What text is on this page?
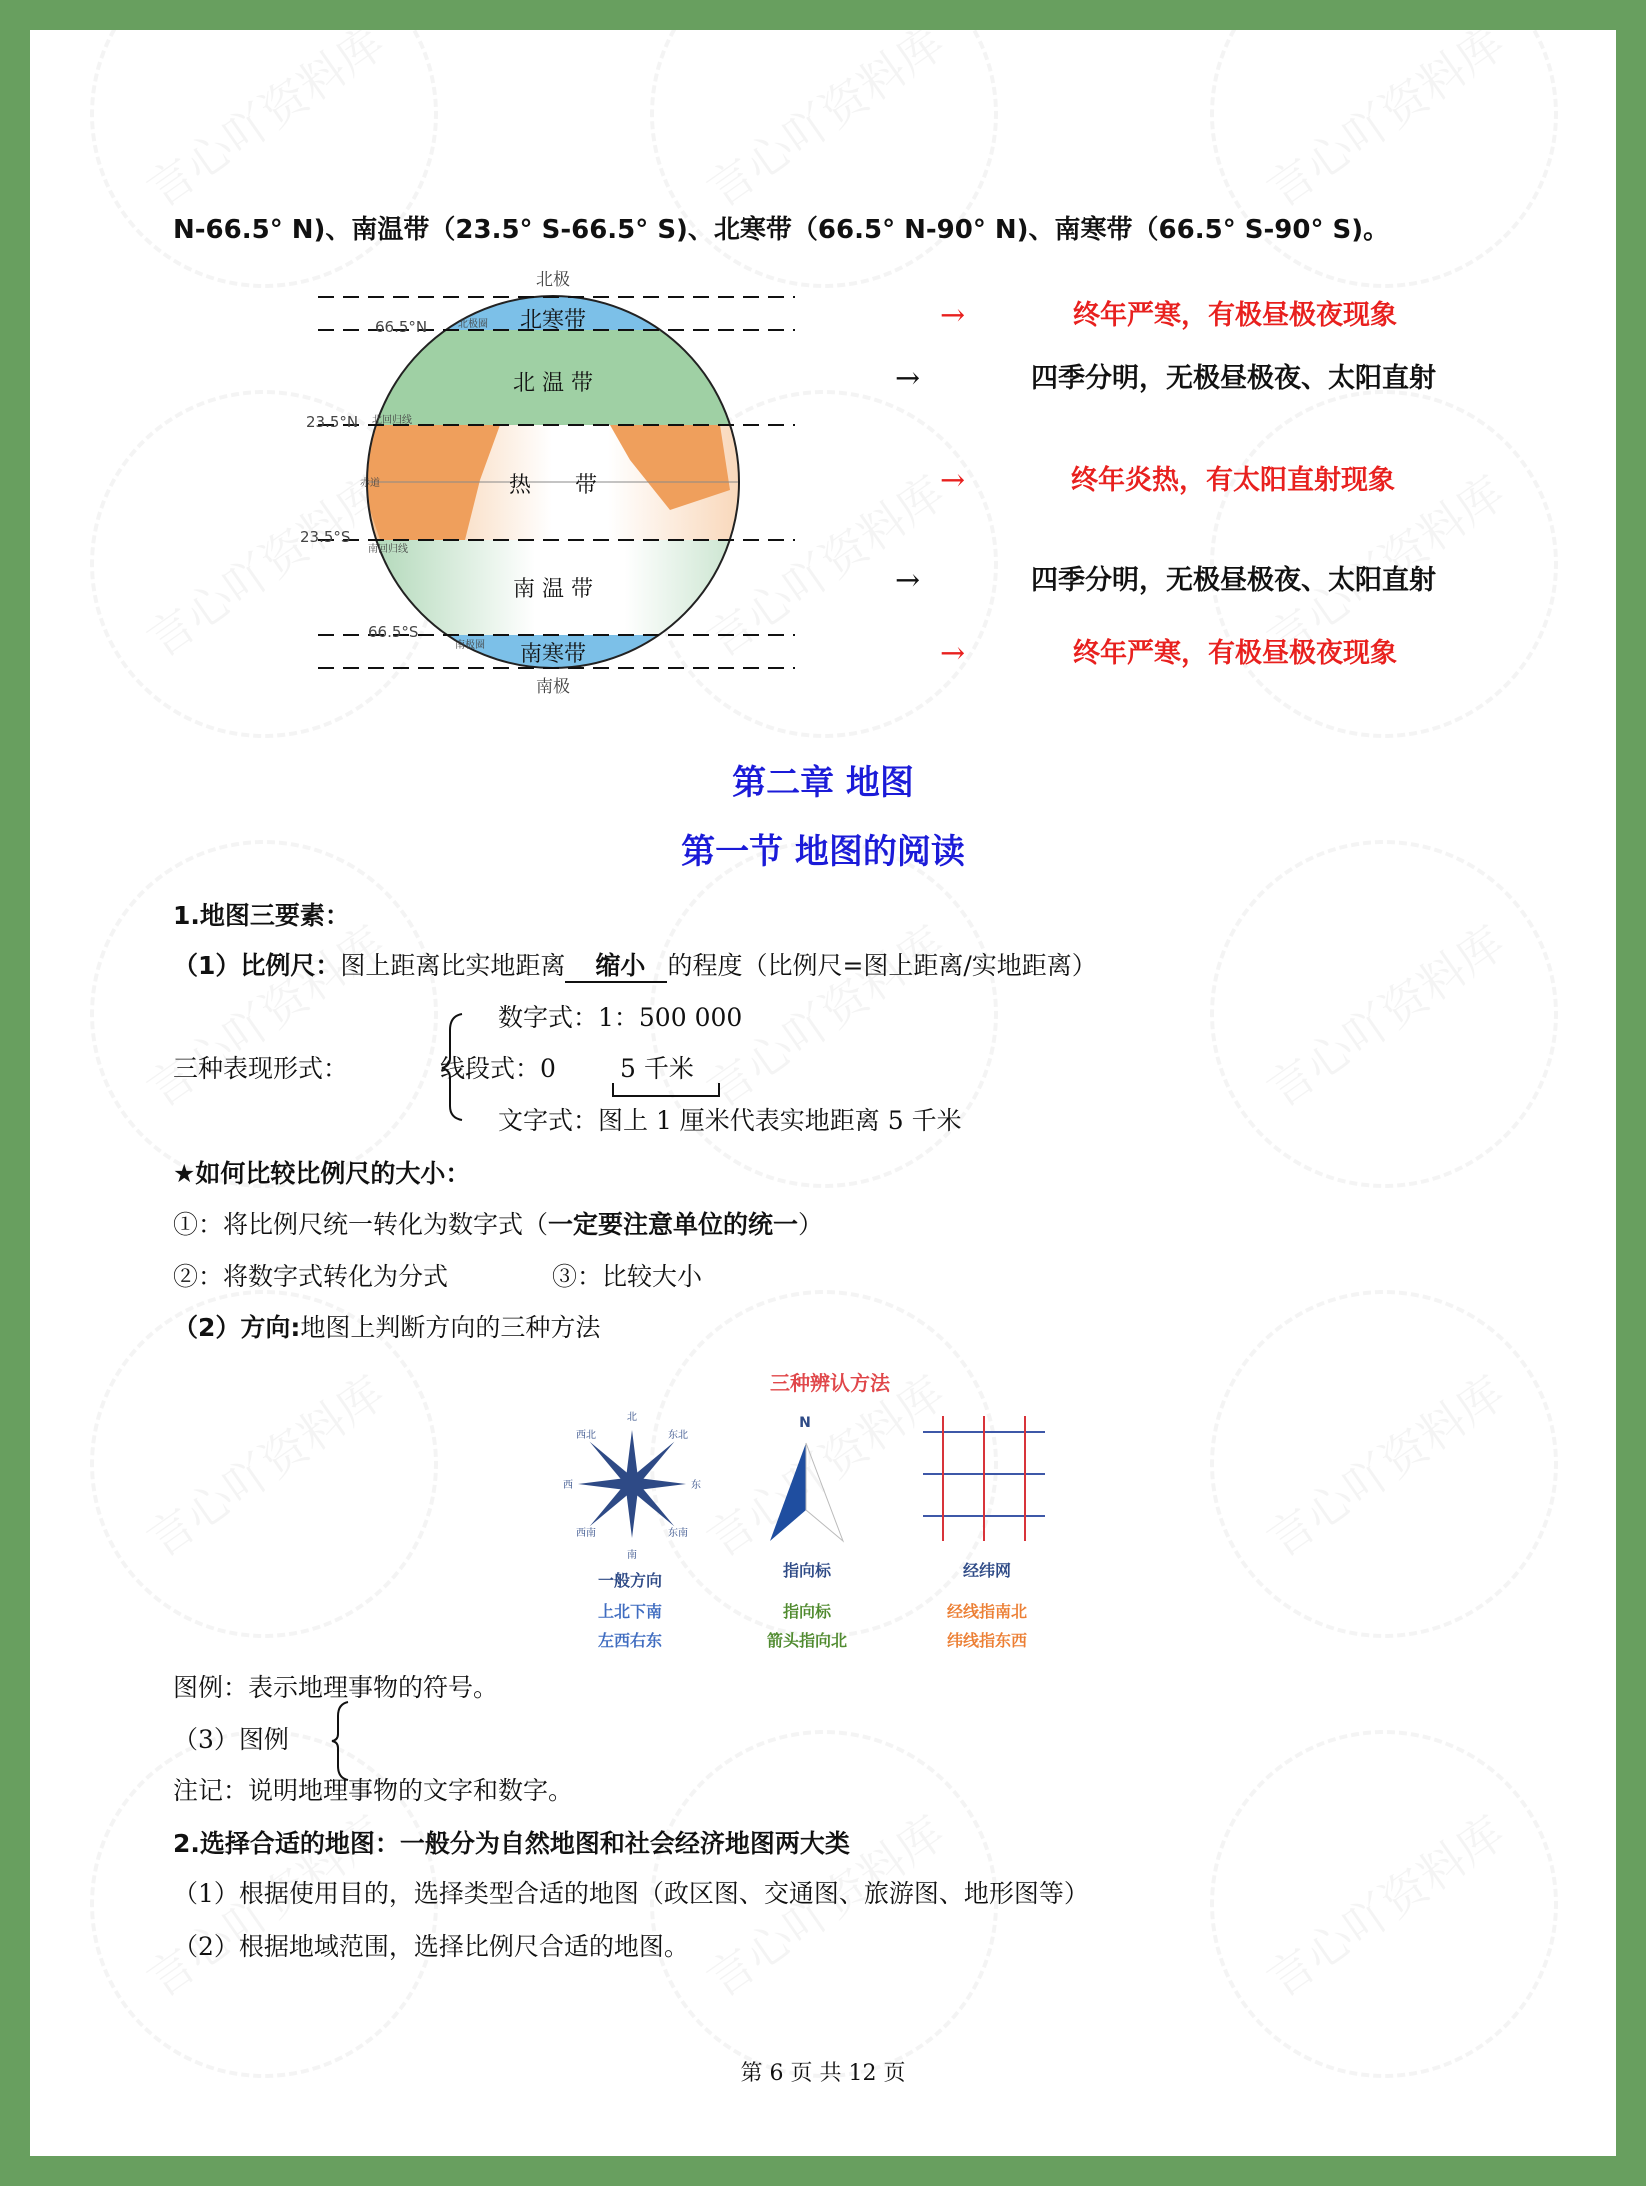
N-66.5° N)、南温带（23.5° S-66.5° S)、北寒带（66.5° N-90° N)、南寒带（66.5° S-90° S)。
北极
南极
66.5°N
23.5°N
23.5°S
66.5°S
北极圈
北回归线
赤道
南回归线
南极圈
北寒带
北 温 带
热　　带
南 温 带
南寒带
→	终年严寒，有极昼极夜现象
→	四季分明，无极昼极夜、太阳直射
→	终年炎热，有太阳直射现象
→	四季分明，无极昼极夜、太阳直射
→	终年严寒，有极昼极夜现象
第二章 地图
第一节 地图的阅读
1.地图三要素：
（1）比例尺：图上距离比实地距离 缩小 的程度（比例尺=图上距离/实地距离）
数字式：1：500 000
三种表现形式：	线段式：0	5 千米
文字式：图上 1 厘米代表实地距离 5 千米
★如何比较比例尺的大小：
①：将比例尺统一转化为数字式（一定要注意单位的统一）
②：将数字式转化为分式	③：比较大小
（2）方向:地图上判断方向的三种方法
三种辨认方法
北
南
东
西
东北
西北
东南
西南
N
一般方向
上北下南
左西右东
指向标
指向标
箭头指向北
经纬网
经线指南北
纬线指东西
图例：表示地理事物的符号。
（3）图例
注记：说明地理事物的文字和数字。
2.选择合适的地图：一般分为自然地图和社会经济地图两大类
（1）根据使用目的，选择类型合适的地图（政区图、交通图、旅游图、地形图等）
（2）根据地域范围，选择比例尺合适的地图。
第 6 页 共 12 页
